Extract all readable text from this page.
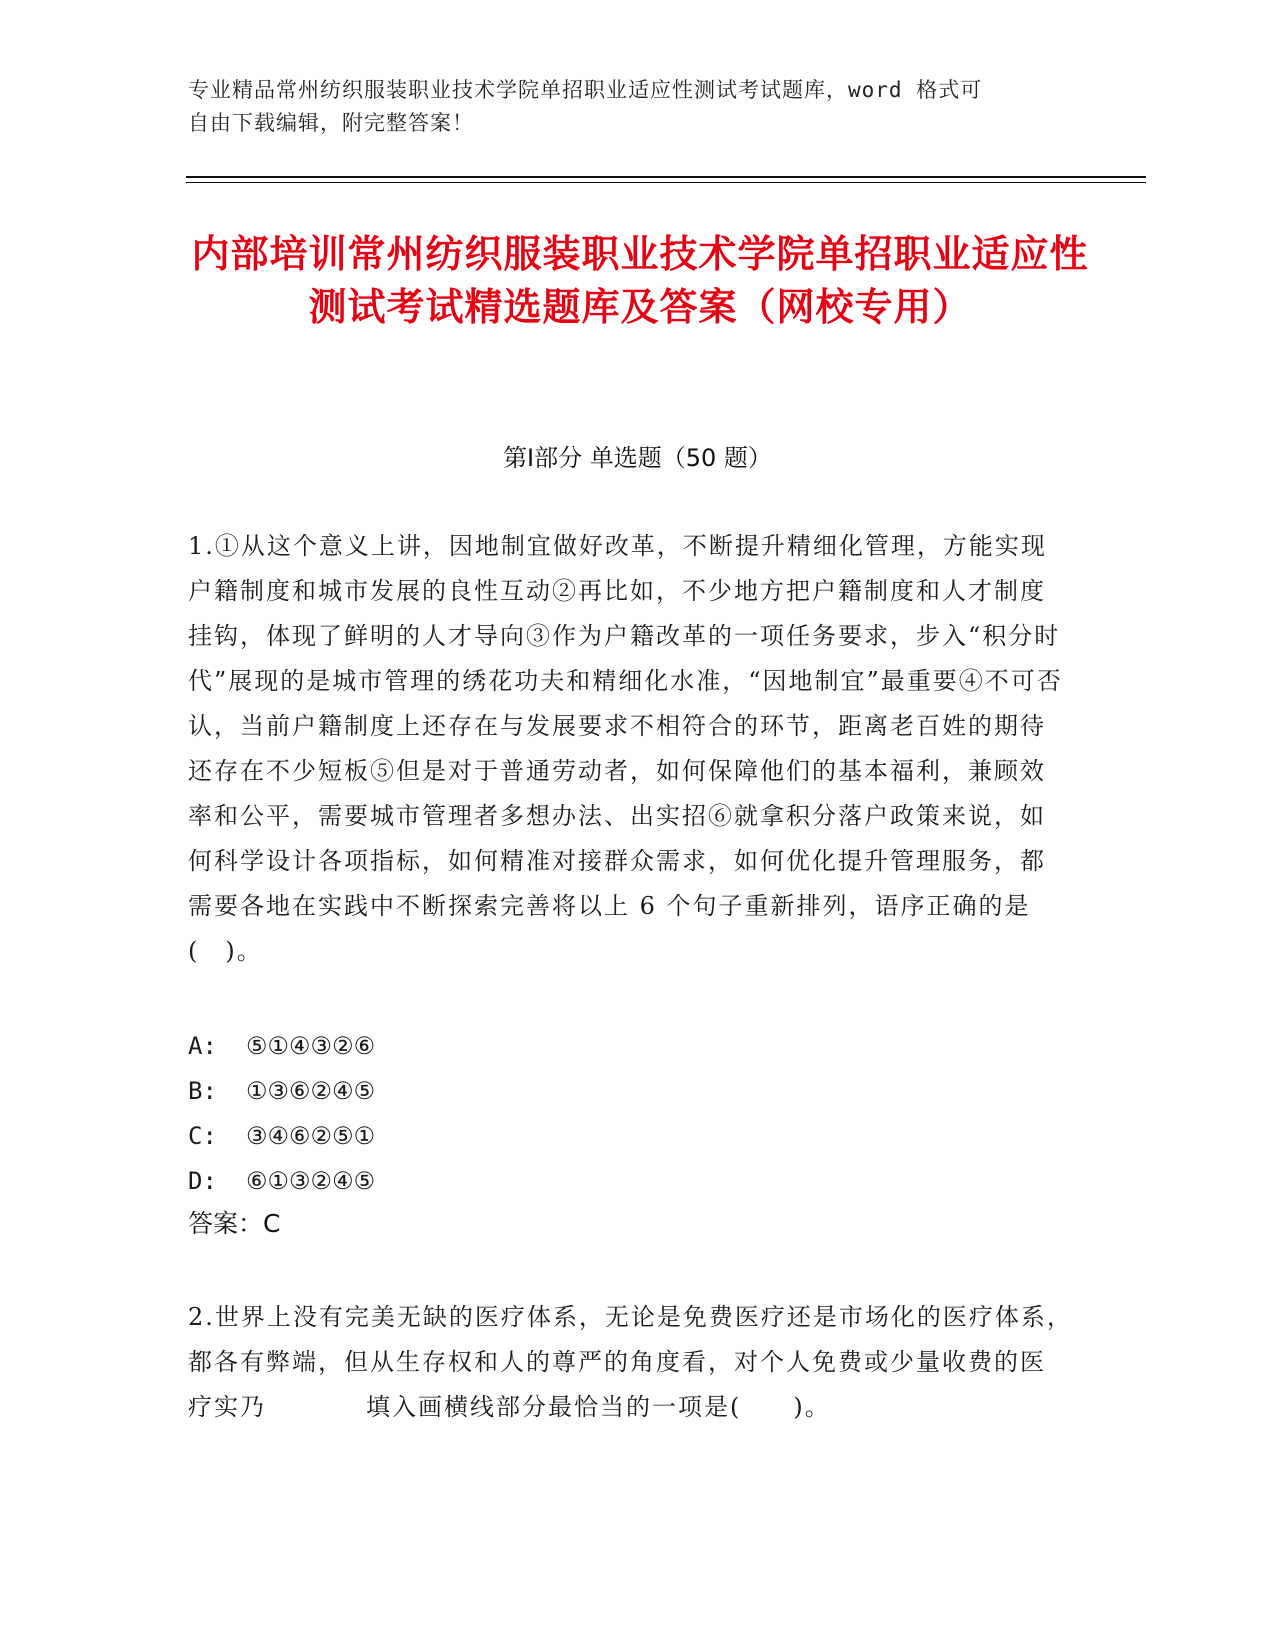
专业精品常州纺织服装职业技术学院单招职业适应性测试考试题库，word 格式可
自由下载编辑，附完整答案！
内部培训常州纺织服装职业技术学院单招职业适应性测试考试精选题库及答案（网校专用）
第Ⅰ部分 单选题（50 题）
1.①从这个意义上讲，因地制宜做好改革，不断提升精细化管理，方能实现户籍制度和城市发展的良性互动②再比如，不少地方把户籍制度和人才制度挂钩，体现了鲜明的人才导向③作为户籍改革的一项任务要求，步入“积分时代”展现的是城市管理的绣花功夫和精细化水准，“因地制宜”最重要④不可否认，当前户籍制度上还存在与发展要求不相符合的环节，距离老百姓的期待还存在不少短板⑤但是对于普通劳动者，如何保障他们的基本福利，兼顾效率和公平，需要城市管理者多想办法、出实招⑥就拿积分落户政策来说，如何科学设计各项指标，如何精准对接群众需求，如何优化提升管理服务，都需要各地在实践中不断探索完善将以上 6 个句子重新排列，语序正确的是(　)。
A: ⑤①④③②⑥
B: ①③⑥②④⑤
C: ③④⑥②⑤①
D: ⑥①③②④⑤
答案：C
2.世界上没有完美无缺的医疗体系，无论是免费医疗还是市场化的医疗体系，　都各有弊端，但从生存权和人的尊严的角度看，对个人免费或少量收费的医疗实乃	填入画横线部分最恰当的一项是(　　)。
